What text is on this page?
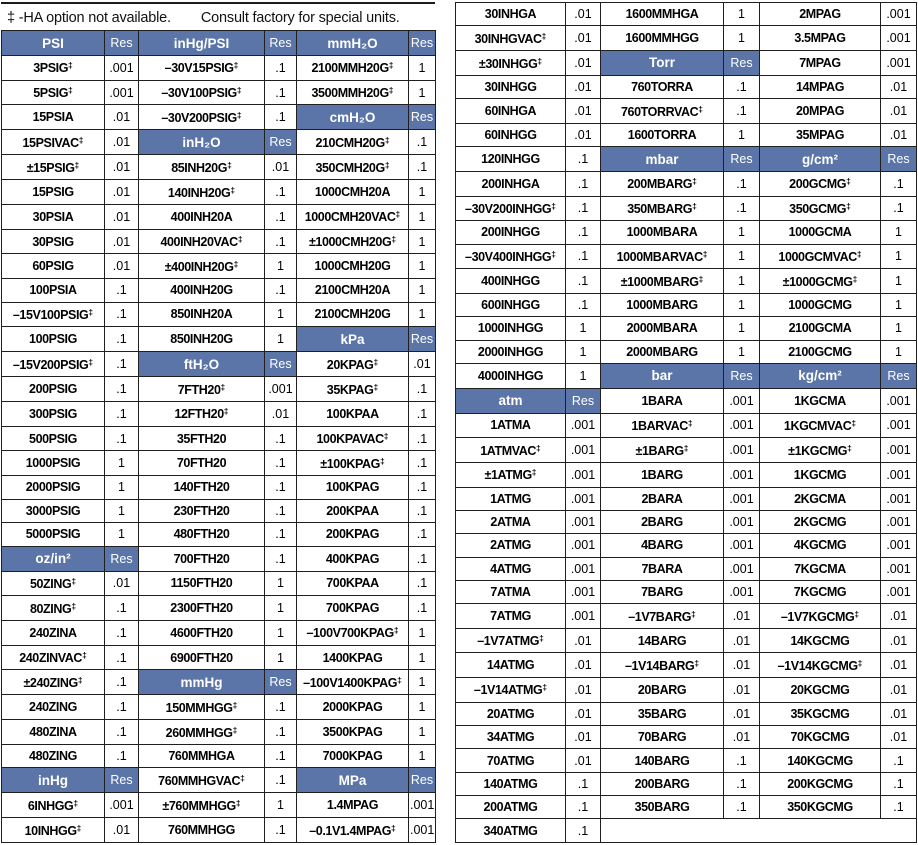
‡ -HA option not available. Consult factory for special units.
PSI	Res	inHg/PSI	Res	mmH₂O	Res
3PSIG‡	.001	–30V15PSIG‡	.1	2100MMH20G‡	1
5PSIG‡	.001	–30V100PSIG‡	.1	3500MMH20G‡	1
15PSIA	.01	–30V200PSIG‡	.1	cmH₂O	Res
15PSIVAC‡	.01	inH₂O	Res	210CMH20G‡	.1
±15PSIG‡	.01	85INH20G‡	.01	350CMH20G‡	.1
15PSIG	.01	140INH20G‡	.1	1000CMH20A	1
30PSIA	.01	400INH20A	.1	1000CMH20VAC‡	1
30PSIG	.01	400INH20VAC‡	.1	±1000CMH20G‡	1
60PSIG	.01	±400INH20G‡	1	1000CMH20G	1
100PSIA	.1	400INH20G	.1	2100CMH20A	1
–15V100PSIG‡	.1	850INH20A	1	2100CMH20G	1
100PSIG	.1	850INH20G	1	kPa	Res
–15V200PSIG‡	.1	ftH₂O	Res	20KPAG‡	.01
200PSIG	.1	7FTH20‡	.001	35KPAG‡	.1
300PSIG	.1	12FTH20‡	.01	100KPAA	.1
500PSIG	.1	35FTH20	.1	100KPAVAC‡	.1
1000PSIG	1	70FTH20	.1	±100KPAG‡	.1
2000PSIG	1	140FTH20	.1	100KPAG	.1
3000PSIG	1	230FTH20	.1	200KPAA	.1
5000PSIG	1	480FTH20	.1	200KPAG	.1
oz/in²	Res	700FTH20	.1	400KPAG	.1
50ZING‡	.01	1150FTH20	1	700KPAA	.1
80ZING‡	.1	2300FTH20	1	700KPAG	.1
240ZINA	.1	4600FTH20	1	–100V700KPAG‡	1
240ZINVAC‡	.1	6900FTH20	1	1400KPAG	1
±240ZING‡	.1	mmHg	Res	–100V1400KPAG‡	1
240ZING	.1	150MMHGG‡	.1	2000KPAG	1
480ZINA	.1	260MMHGG‡	.1	3500KPAG	1
480ZING	.1	760MMHGA	.1	7000KPAG	1
inHg	Res	760MMHGVAC‡	.1	MPa	Res
6INHGG‡	.001	±760MMHGG‡	1	1.4MPAG	.001
10INHGG‡	.01	760MMHGG	.1	–0.1V1.4MPAG‡	.001
30INHGA	.01	1600MMHGA	1	2MPAG	.001
30INHGVAC‡	.01	1600MMHGG	1	3.5MPAG	.001
±30INHGG‡	.01	Torr	Res	7MPAG	.001
30INHGG	.01	760TORRA	.1	14MPAG	.01
60INHGA	.01	760TORRVAC‡	.1	20MPAG	.01
60INHGG	.01	1600TORRA	1	35MPAG	.01
120INHGG	.1	mbar	Res	g/cm²	Res
200INHGA	.1	200MBARG‡	.1	200GCMG‡	.1
–30V200INHGG‡	.1	350MBARG‡	.1	350GCMG‡	.1
200INHGG	.1	1000MBARA	1	1000GCMA	1
–30V400INHGG‡	.1	1000MBARVAC‡	1	1000GCMVAC‡	1
400INHGG	.1	±1000MBARG‡	1	±1000GCMG‡	1
600INHGG	.1	1000MBARG	1	1000GCMG	1
1000INHGG	1	2000MBARA	1	2100GCMA	1
2000INHGG	1	2000MBARG	1	2100GCMG	1
4000INHGG	1	bar	Res	kg/cm²	Res
atm	Res	1BARA	.001	1KGCMA	.001
1ATMA	.001	1BARVAC‡	.001	1KGCMVAC‡	.001
1ATMVAC‡	.001	±1BARG‡	.001	±1KGCMG‡	.001
±1ATMG‡	.001	1BARG	.001	1KGCMG	.001
1ATMG	.001	2BARA	.001	2KGCMA	.001
2ATMA	.001	2BARG	.001	2KGCMG	.001
2ATMG	.001	4BARG	.001	4KGCMG	.001
4ATMG	.001	7BARA	.001	7KGCMA	.001
7ATMA	.001	7BARG	.001	7KGCMG	.001
7ATMG	.001	–1V7BARG‡	.01	–1V7KGCMG‡	.01
–1V7ATMG‡	.01	14BARG	.01	14KGCMG	.01
14ATMG	.01	–1V14BARG‡	.01	–1V14KGCMG‡	.01
–1V14ATMG‡	.01	20BARG	.01	20KGCMG	.01
20ATMG	.01	35BARG	.01	35KGCMG	.01
34ATMG	.01	70BARG	.01	70KGCMG	.01
70ATMG	.01	140BARG	.1	140KGCMG	.1
140ATMG	.1	200BARG	.1	200KGCMG	.1
200ATMG	.1	350BARG	.1	350KGCMG	.1
340ATMG	.1				
